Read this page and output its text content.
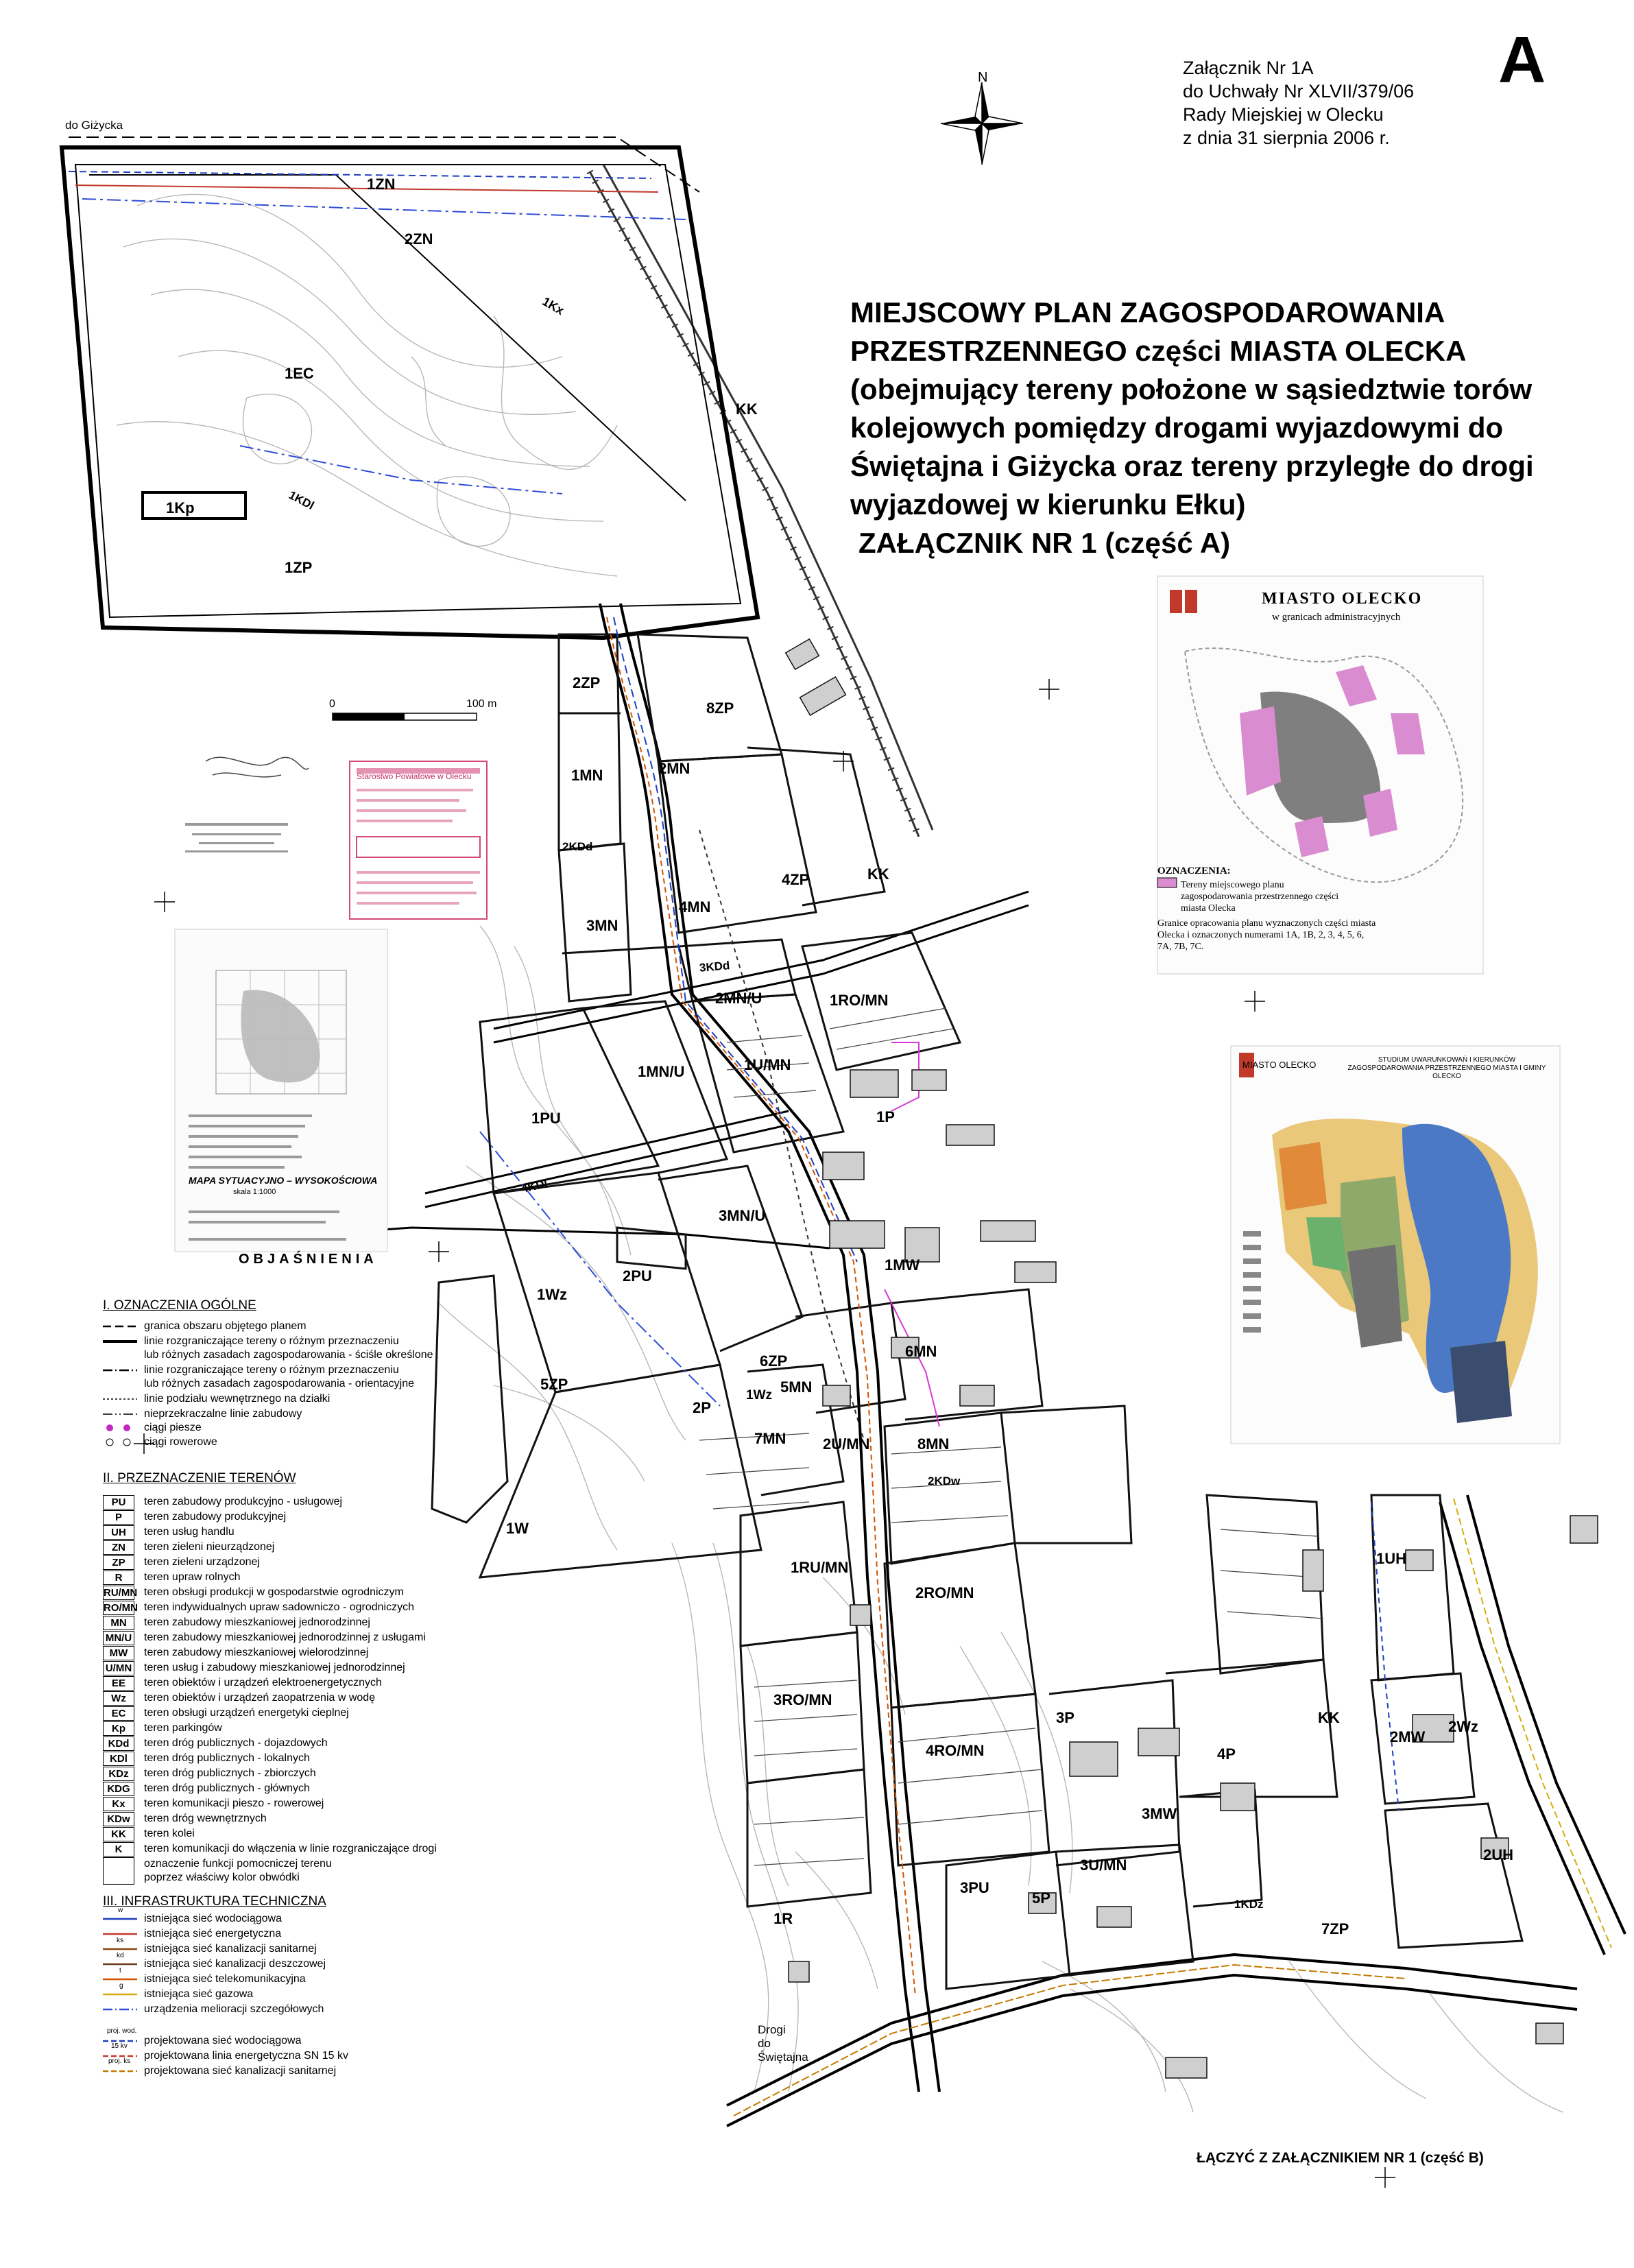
A
Załącznik Nr 1A
do Uchwały Nr XLVII/379/06
Rady Miejskiej w Olecku
z dnia 31 sierpnia 2006 r.
N
MIEJSCOWY PLAN ZAGOSPODAROWANIA
PRZESTRZENNEGO części MIASTA OLECKA
(obejmujący tereny położone w sąsiedztwie torów
kolejowych pomiędzy drogami wyjazdowymi do
Świętajna i Giżycka oraz tereny przyległe do drogi
wyjazdowej w kierunku Ełku)
ZAŁĄCZNIK NR 1 (część A)
MIASTO OLECKO
w granicach administracyjnych
OZNACZENIA:
Tereny miejscowego planu zagospodarowania przestrzennego części miasta Olecka
Granice opracowania planu wyznaczonych części miasta Olecka i oznaczonych numerami 1A, 1B, 2, 3, 4, 5, 6, 7A, 7B, 7C.
MIASTO OLECKO	STUDIUM UWARUNKOWAŃ I KIERUNKÓW ZAGOSPODAROWANIA PRZESTRZENNEGO MIASTA I GMINY OLECKO
MAPA SYTUACYJNO – WYSOKOŚCIOWA
skala 1:1000
Starostwo Powiatowe w Olecku
0	100 m
do Giżycka
Drogi do Świętajna
1ZN
2ZN
1Kx
1EC
KK
1Kp	1KDl
1ZP
2ZP
8ZP
1MN	2MN
2KDd
4ZP	KK
3MN
4MN
3KDd
2MN/U	1RO/MN
1MN/U	1U/MN
1PU	1P
4KDl
3MN/U
1MW
2PU
1Wz
6MN
6ZP
5ZP
1Wz 5MN
2P
7MN 2U/MN	8MN
2KDw
1W
1RU/MN
2RO/MN
1UH
3RO/MN
3P	KK
2MW
2Wz
4P
4RO/MN
3MW
3U/MN
2UH
3PU
5P	1KDz
7ZP
1R
OBJAŚNIENIA
I. OZNACZENIA OGÓLNE
granica obszaru objętego planem
linie rozgraniczające tereny o różnym przeznaczeniu
lub różnych zasadach zagospodarowania - ściśle określone
linie rozgraniczające tereny o różnym przeznaczeniu
lub różnych zasadach zagospodarowania - orientacyjne
linie podziału wewnętrznego na działki
nieprzekraczalne linie zabudowy
ciągi piesze
ciągi rowerowe
II. PRZEZNACZENIE TERENÓW
PU	teren zabudowy produkcyjno - usługowej
P	teren zabudowy produkcyjnej
UH	teren usług handlu
ZN	teren zieleni nieurządzonej
ZP	teren zieleni urządzonej
R	teren upraw rolnych
RU/MN teren obsługi produkcji w gospodarstwie ogrodniczym
RO/MN teren indywidualnych upraw sadowniczo - ogrodniczych
MN	teren zabudowy mieszkaniowej jednorodzinnej
MN/U teren zabudowy mieszkaniowej jednorodzinnej z usługami
MW	teren zabudowy mieszkaniowej wielorodzinnej
U/MN teren usług i zabudowy mieszkaniowej jednorodzinnej
EE	teren obiektów i urządzeń elektroenergetycznych
Wz	teren obiektów i urządzeń zaopatrzenia w wodę
EC	teren obsługi urządzeń energetyki cieplnej
Kp	teren parkingów
KDd	teren dróg publicznych - dojazdowych
KDl	teren dróg publicznych - lokalnych
KDz	teren dróg publicznych - zbiorczych
KDG	teren dróg publicznych - głównych
Kx	teren komunikacji pieszo - rowerowej
KDw	teren dróg wewnętrznych
KK	teren kolei
K	teren komunikacji do włączenia w linie rozgraniczające drogi
oznaczenie funkcji pomocniczej terenu
poprzez właściwy kolor obwódki
III. INFRASTRUKTURA TECHNICZNA
istniejąca sieć wodociągowa
istniejąca sieć energetyczna
istniejąca sieć kanalizacji sanitarnej
istniejąca sieć kanalizacji deszczowej
istniejąca sieć telekomunikacyjna
istniejąca sieć gazowa
urządzenia melioracji szczegółowych
w
ks
kd
t
g
projektowana sieć wodociągowa
projektowana linia energetyczna SN 15 kv
projektowana sieć kanalizacji sanitarnej
proj. wod.
15 kv
proj. ks
ŁĄCZYĆ Z ZAŁĄCZNIKIEM NR 1 (część B)
